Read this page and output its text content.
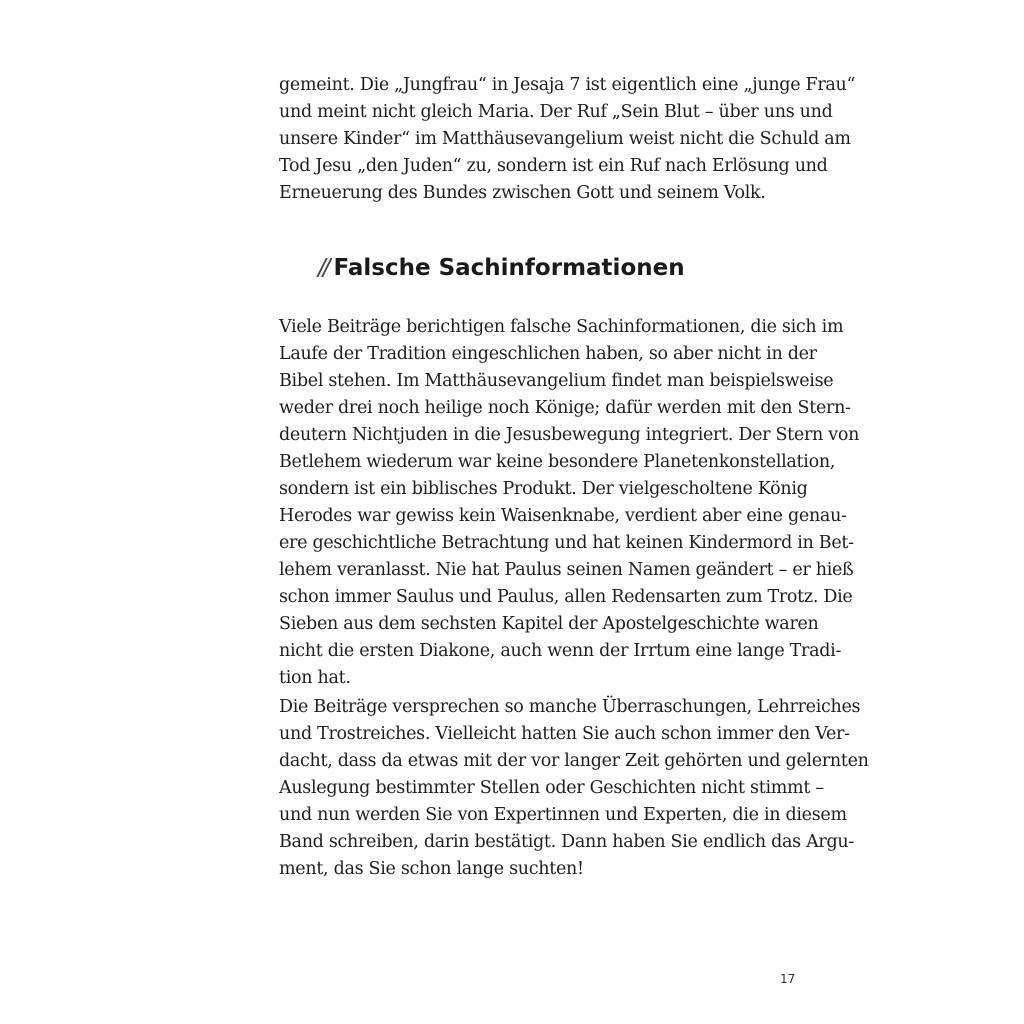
gemeint. Die „Jungfrau“ in Jesaja 7 ist eigentlich eine „junge Frau“
und meint nicht gleich Maria. Der Ruf „Sein Blut – über uns und
unsere Kinder“ im Matthäusevangelium weist nicht die Schuld am
Tod Jesu „den Juden“ zu, sondern ist ein Ruf nach Erlösung und
Erneuerung des Bundes zwischen Gott und seinem Volk.
// Falsche Sachinformationen
Viele Beiträge berichtigen falsche Sachinformationen, die sich im
Laufe der Tradition eingeschlichen haben, so aber nicht in der
Bibel stehen. Im Matthäusevangelium findet man beispielsweise
weder drei noch heilige noch Könige; dafür werden mit den Stern-
deutern Nichtjuden in die Jesusbewegung integriert. Der Stern von
Betlehem wiederum war keine besondere Planetenkonstellation,
sondern ist ein biblisches Produkt. Der vielgescholtene König
Herodes war gewiss kein Waisenknabe, verdient aber eine genau-
ere geschichtliche Betrachtung und hat keinen Kindermord in Bet-
lehem veranlasst. Nie hat Paulus seinen Namen geändert – er hieß
schon immer Saulus und Paulus, allen Redensarten zum Trotz. Die
Sieben aus dem sechsten Kapitel der Apostelgeschichte waren
nicht die ersten Diakone, auch wenn der Irrtum eine lange Tradi-
tion hat.
Die Beiträge versprechen so manche Überraschungen, Lehrreiches
und Trostreiches. Vielleicht hatten Sie auch schon immer den Ver-
dacht, dass da etwas mit der vor langer Zeit gehörten und gelernten
Auslegung bestimmter Stellen oder Geschichten nicht stimmt –
und nun werden Sie von Expertinnen und Experten, die in diesem
Band schreiben, darin bestätigt. Dann haben Sie endlich das Argu-
ment, das Sie schon lange suchten!
17
